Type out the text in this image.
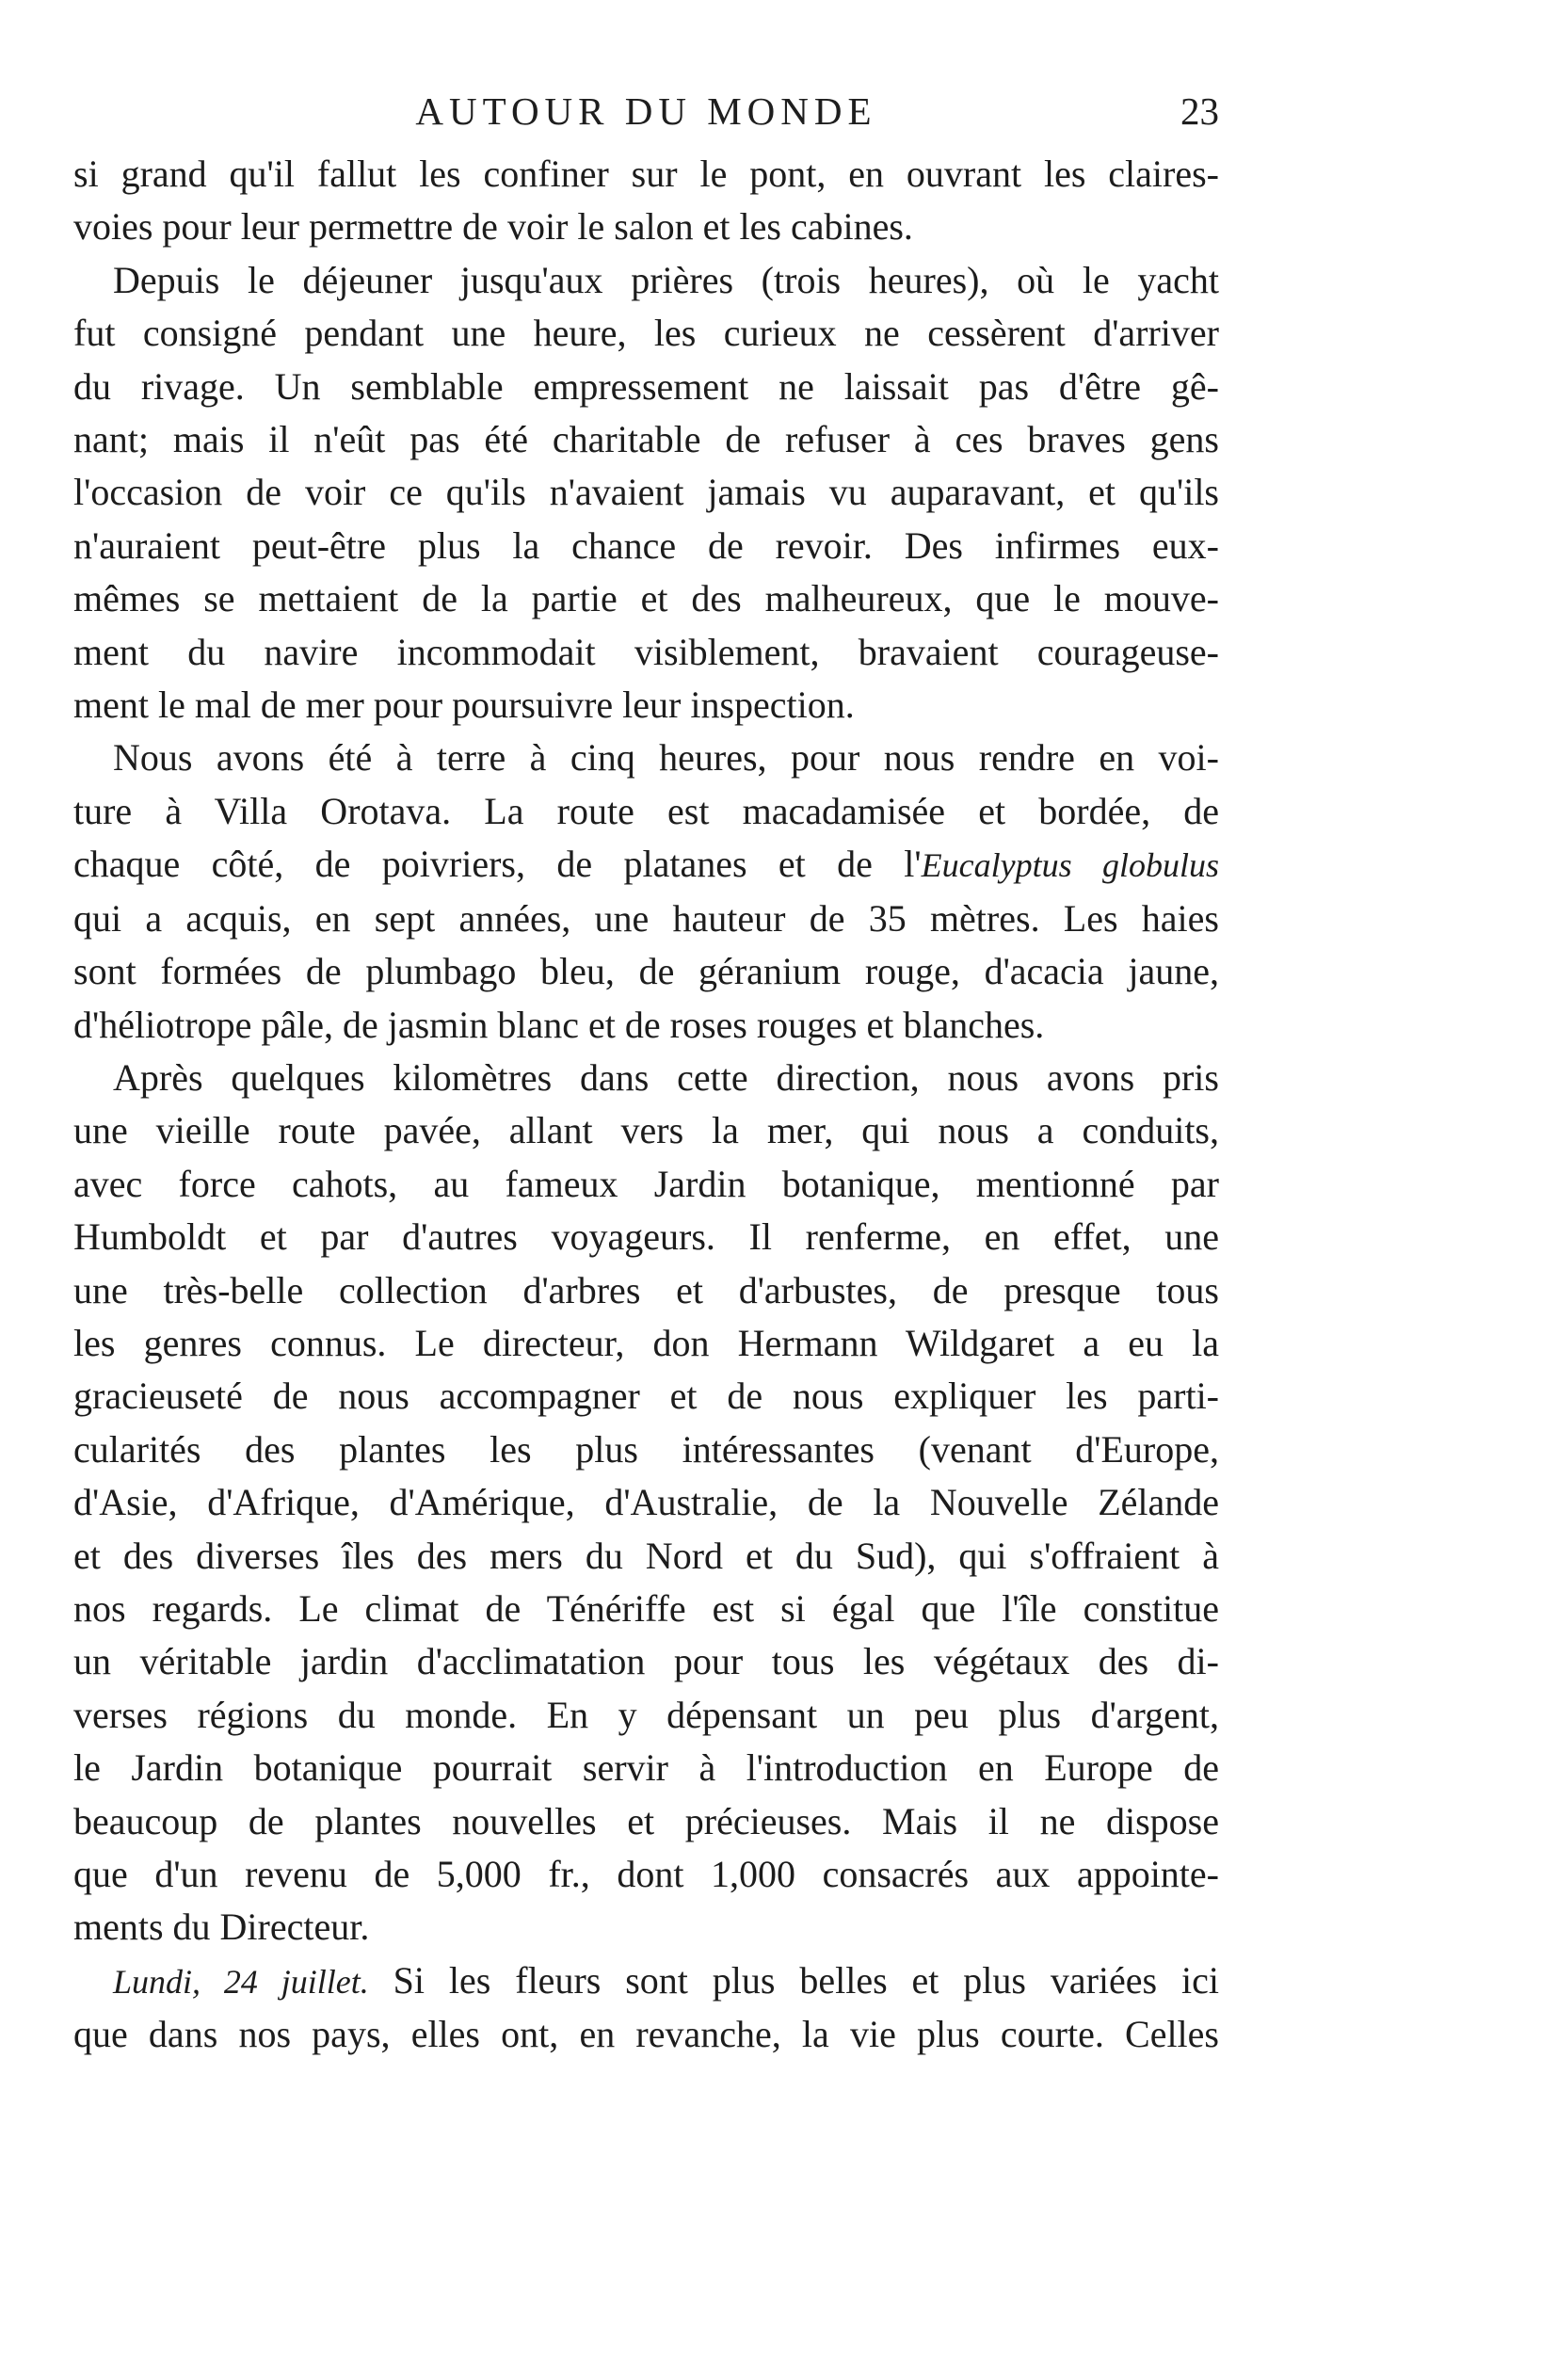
AUTOUR DU MONDE	23

si grand qu'il fallut les confiner sur le pont, en ouvrant les claires-
voies pour leur permettre de voir le salon et les cabines.

Depuis le déjeuner jusqu'aux prières (trois heures), où le yacht
fut consigné pendant une heure, les curieux ne cessèrent d'arriver
du rivage. Un semblable empressement ne laissait pas d'être gê-
nant; mais il n'eût pas été charitable de refuser à ces braves gens
l'occasion de voir ce qu'ils n'avaient jamais vu auparavant, et qu'ils
n'auraient peut-être plus la chance de revoir. Des infirmes eux-
mêmes se mettaient de la partie et des malheureux, que le mouve-
ment du navire incommodait visiblement, bravaient courageuse-
ment le mal de mer pour poursuivre leur inspection.

Nous avons été à terre à cinq heures, pour nous rendre en voi-
ture à Villa Orotava. La route est macadamisée et bordée, de
chaque côté, de poivriers, de platanes et de l'Eucalyptus globulus
qui a acquis, en sept années, une hauteur de 35 mètres. Les haies
sont formées de plumbago bleu, de géranium rouge, d'acacia jaune,
d'héliotrope pâle, de jasmin blanc et de roses rouges et blanches.

Après quelques kilomètres dans cette direction, nous avons pris
une vieille route pavée, allant vers la mer, qui nous a conduits,
avec force cahots, au fameux Jardin botanique, mentionné par
Humboldt et par d'autres voyageurs. Il renferme, en effet, une
une très-belle collection d'arbres et d'arbustes, de presque tous
les genres connus. Le directeur, don Hermann Wildgaret a eu la
gracieuseté de nous accompagner et de nous expliquer les parti-
cularités des plantes les plus intéressantes (venant d'Europe,
d'Asie, d'Afrique, d'Amérique, d'Australie, de la Nouvelle Zélande
et des diverses îles des mers du Nord et du Sud), qui s'offraient à
nos regards. Le climat de Ténériffe est si égal que l'île constitue
un véritable jardin d'acclimatation pour tous les végétaux des di-
verses régions du monde. En y dépensant un peu plus d'argent,
le Jardin botanique pourrait servir à l'introduction en Europe de
beaucoup de plantes nouvelles et précieuses. Mais il ne dispose
que d'un revenu de 5,000 fr., dont 1,000 consacrés aux appointe-
ments du Directeur.

Lundi, 24 juillet. Si les fleurs sont plus belles et plus variées ici
que dans nos pays, elles ont, en revanche, la vie plus courte. Celles
